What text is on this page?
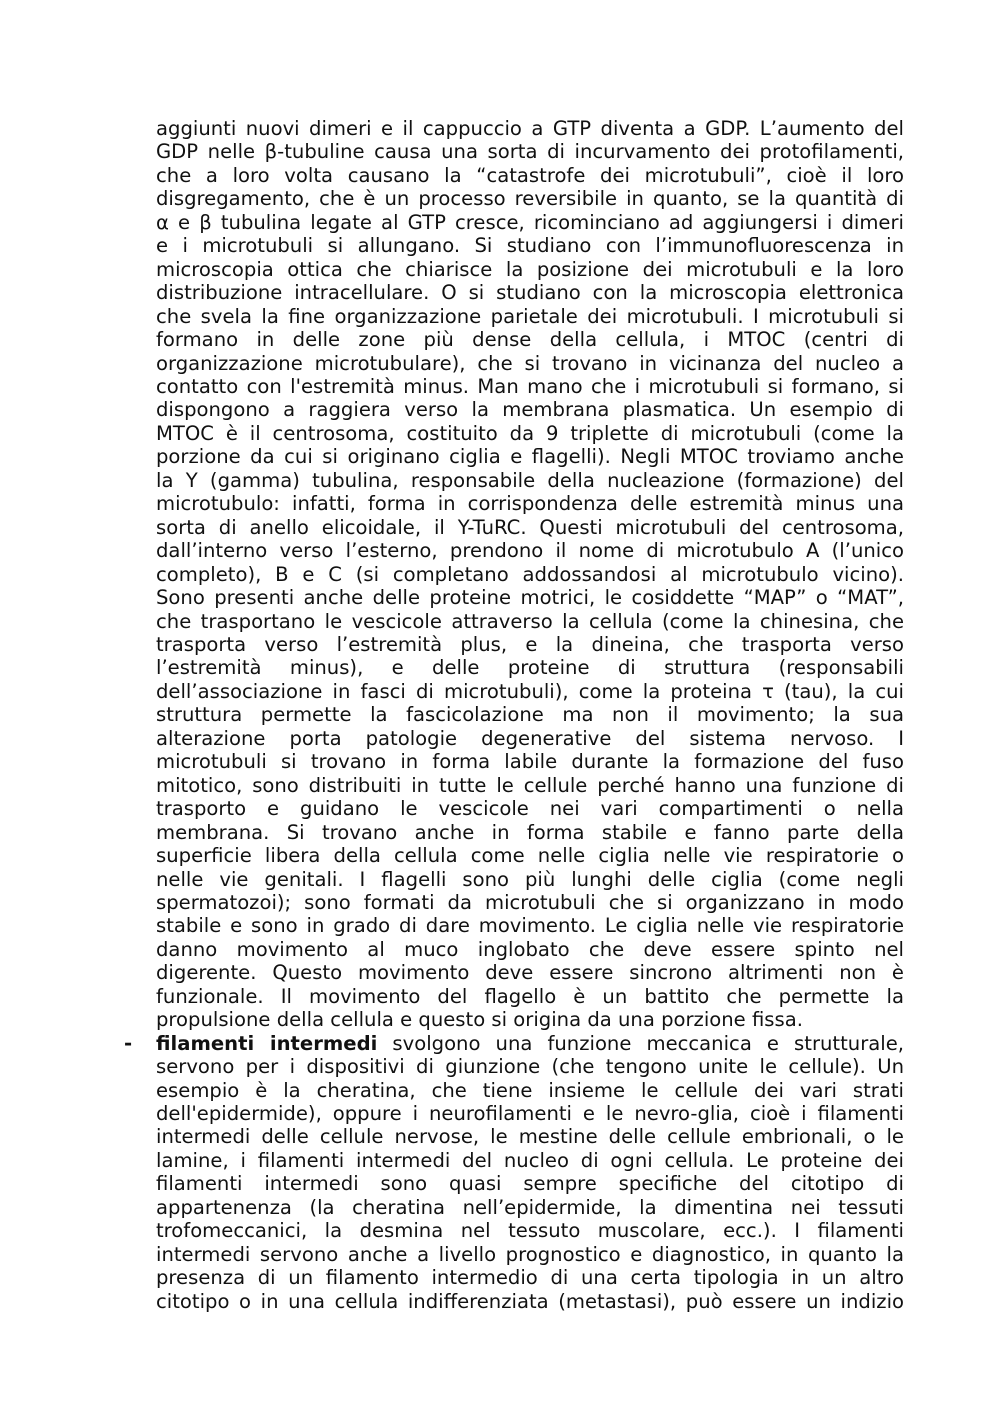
aggiunti nuovi dimeri e il cappuccio a GTP diventa a GDP. L’aumento del
GDP nelle β-tubuline causa una sorta di incurvamento dei protofilamenti,
che a loro volta causano la “catastrofe dei microtubuli”, cioè il loro
disgregamento, che è un processo reversibile in quanto, se la quantità di
α e β tubulina legate al GTP cresce, ricominciano ad aggiungersi i dimeri
e i microtubuli si allungano. Si studiano con l’immunofluorescenza in
microscopia ottica che chiarisce la posizione dei microtubuli e la loro
distribuzione intracellulare. O si studiano con la microscopia elettronica
che svela la fine organizzazione parietale dei microtubuli. I microtubuli si
formano in delle zone più dense della cellula, i MTOC (centri di
organizzazione microtubulare), che si trovano in vicinanza del nucleo a
contatto con l'estremità minus. Man mano che i microtubuli si formano, si
dispongono a raggiera verso la membrana plasmatica. Un esempio di
MTOC è il centrosoma, costituito da 9 triplette di microtubuli (come la
porzione da cui si originano ciglia e flagelli). Negli MTOC troviamo anche
la Y (gamma) tubulina, responsabile della nucleazione (formazione) del
microtubulo: infatti, forma in corrispondenza delle estremità minus una
sorta di anello elicoidale, il Y-TuRC. Questi microtubuli del centrosoma,
dall’interno verso l’esterno, prendono il nome di microtubulo A (l’unico
completo), B e C (si completano addossandosi al microtubulo vicino).
Sono presenti anche delle proteine motrici, le cosiddette “MAP” o “MAT”,
che trasportano le vescicole attraverso la cellula (come la chinesina, che
trasporta verso l’estremità plus, e la dineina, che trasporta verso
l’estremità minus), e delle proteine di struttura (responsabili
dell’associazione in fasci di microtubuli), come la proteina τ (tau), la cui
struttura permette la fascicolazione ma non il movimento; la sua
alterazione porta patologie degenerative del sistema nervoso. I
microtubuli si trovano in forma labile durante la formazione del fuso
mitotico, sono distribuiti in tutte le cellule perché hanno una funzione di
trasporto e guidano le vescicole nei vari compartimenti o nella
membrana. Si trovano anche in forma stabile e fanno parte della
superficie libera della cellula come nelle ciglia nelle vie respiratorie o
nelle vie genitali. I flagelli sono più lunghi delle ciglia (come negli
spermatozoi); sono formati da microtubuli che si organizzano in modo
stabile e sono in grado di dare movimento. Le ciglia nelle vie respiratorie
danno movimento al muco inglobato che deve essere spinto nel
digerente. Questo movimento deve essere sincrono altrimenti non è
funzionale. Il movimento del flagello è un battito che permette la
propulsione della cellula e questo si origina da una porzione fissa.
- filamenti intermedi svolgono una funzione meccanica e strutturale,
servono per i dispositivi di giunzione (che tengono unite le cellule). Un
esempio è la cheratina, che tiene insieme le cellule dei vari strati
dell'epidermide), oppure i neurofilamenti e le nevro-glia, cioè i filamenti
intermedi delle cellule nervose, le mestine delle cellule embrionali, o le
lamine, i filamenti intermedi del nucleo di ogni cellula. Le proteine dei
filamenti intermedi sono quasi sempre specifiche del citotipo di
appartenenza (la cheratina nell’epidermide, la dimentina nei tessuti
trofomeccanici, la desmina nel tessuto muscolare, ecc.). I filamenti
intermedi servono anche a livello prognostico e diagnostico, in quanto la
presenza di un filamento intermedio di una certa tipologia in un altro
citotipo o in una cellula indifferenziata (metastasi), può essere un indizio
